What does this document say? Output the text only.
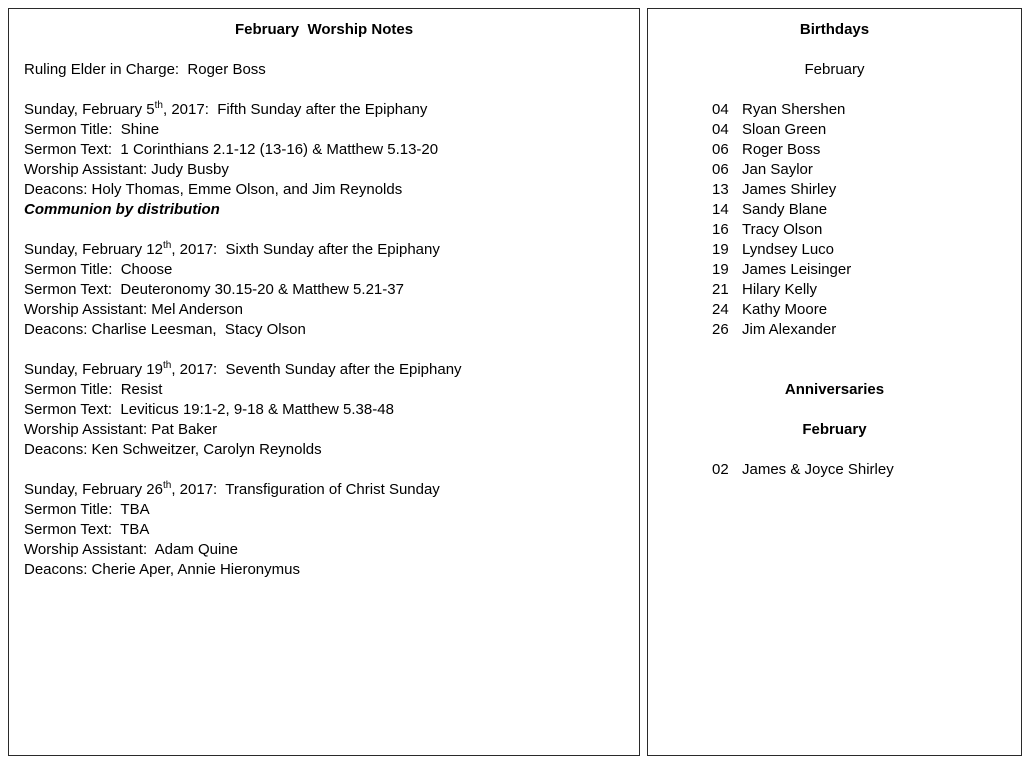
February  Worship Notes
Ruling Elder in Charge:  Roger Boss
Sunday, February 5th, 2017:  Fifth Sunday after the Epiphany
Sermon Title:  Shine
Sermon Text:  1 Corinthians 2.1-12 (13-16) & Matthew 5.13-20
Worship Assistant: Judy Busby
Deacons: Holy Thomas, Emme Olson, and Jim Reynolds
Communion by distribution
Sunday, February 12th, 2017:  Sixth Sunday after the Epiphany
Sermon Title:  Choose
Sermon Text:  Deuteronomy 30.15-20 & Matthew 5.21-37
Worship Assistant: Mel Anderson
Deacons: Charlise Leesman,  Stacy Olson
Sunday, February 19th, 2017:  Seventh Sunday after the Epiphany
Sermon Title:  Resist
Sermon Text:  Leviticus 19:1-2, 9-18 & Matthew 5.38-48
Worship Assistant: Pat Baker
Deacons: Ken Schweitzer, Carolyn Reynolds
Sunday, February 26th, 2017:  Transfiguration of Christ Sunday
Sermon Title:  TBA
Sermon Text:  TBA
Worship Assistant:  Adam Quine
Deacons: Cherie Aper, Annie Hieronymus
Birthdays
February
04 Ryan Shershen
04 Sloan Green
06 Roger Boss
06 Jan Saylor
13 James Shirley
14 Sandy Blane
16 Tracy Olson
19 Lyndsey Luco
19 James Leisinger
21 Hilary Kelly
24 Kathy Moore
26 Jim Alexander
Anniversaries
February
02 James & Joyce Shirley
